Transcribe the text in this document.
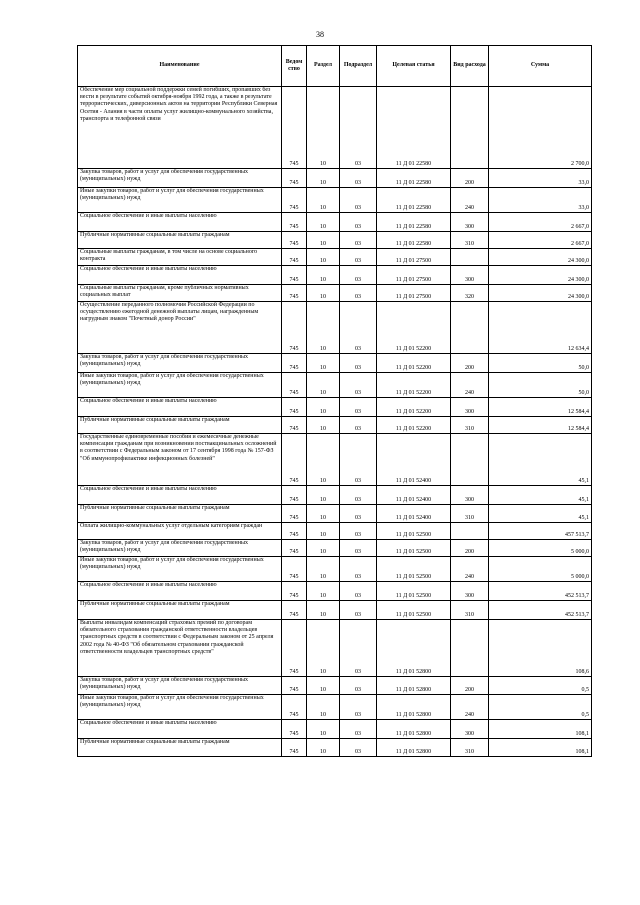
38
Наименование	Ведом ство	Раздел	Подраздел	Целевая статья	Вид расхода	Сумма
Обеспечение мер социальной поддержки семей погибших, пропавших без вести в результате событий октября-ноября 1992 года, а также в результате террористических, диверсионных актов на территории Республики Северная Осетия - Алания в части оплаты услуг жилищно-коммунального хозяйства, транспорта и телефонной связи	745	10	03	11 Д 01 22580		2 700,0
Закупка товаров, работ и услуг для обеспечения государственных (муниципальных) нужд	745	10	03	11 Д 01 22580	200	33,0
Иные закупки товаров, работ и услуг для обеспечения государственных (муниципальных) нужд	745	10	03	11 Д 01 22580	240	33,0
Социальное обеспечение и иные выплаты населению	745	10	03	11 Д 01 22580	300	2 667,0
Публичные нормативные социальные выплаты гражданам	745	10	03	11 Д 01 22580	310	2 667,0
Социальные выплаты гражданам, в том числе на основе социального контракта	745	10	03	11 Д 01 27500		24 300,0
Социальное обеспечение и иные выплаты населению	745	10	03	11 Д 01 27500	300	24 300,0
Социальные выплаты гражданам, кроме публичных нормативных социальных выплат	745	10	03	11 Д 01 27500	320	24 300,0
Осуществление переданного полномочия Российской Федерации по осуществлению ежегодной денежной выплаты лицам, награжденным нагрудным знаком "Почетный донор России"	745	10	03	11 Д 01 52200		12 634,4
Закупка товаров, работ и услуг для обеспечения государственных (муниципальных) нужд	745	10	03	11 Д 01 52200	200	50,0
Иные закупки товаров, работ и услуг для обеспечения государственных (муниципальных) нужд	745	10	03	11 Д 01 52200	240	50,0
Социальное обеспечение и иные выплаты населению	745	10	03	11 Д 01 52200	300	12 584,4
Публичные нормативные социальные выплаты гражданам	745	10	03	11 Д 01 52200	310	12 584,4
Государственные единовременные пособия и ежемесячные денежные компенсации гражданам при возникновении поствакцинальных осложнений в соответствии с Федеральным законом от 17 сентября 1998 года № 157-ФЗ "Об иммунопрофилактике инфекционных болезней"	745	10	03	11 Д 01 52400		45,1
Социальное обеспечение и иные выплаты населению	745	10	03	11 Д 01 52400	300	45,1
Публичные нормативные социальные выплаты гражданам	745	10	03	11 Д 01 52400	310	45,1
Оплата жилищно-коммунальных услуг отдельным категориям граждан	745	10	03	11 Д 01 52500		457 513,7
Закупка товаров, работ и услуг для обеспечения государственных (муниципальных) нужд	745	10	03	11 Д 01 52500	200	5 000,0
Иные закупки товаров, работ и услуг для обеспечения государственных (муниципальных) нужд	745	10	03	11 Д 01 52500	240	5 000,0
Социальное обеспечение и иные выплаты населению	745	10	03	11 Д 01 52500	300	452 513,7
Публичные нормативные социальные выплаты гражданам	745	10	03	11 Д 01 52500	310	452 513,7
Выплаты инвалидам компенсаций страховых премий по договорам обязательного страхования гражданской ответственности владельцев транспортных средств в соответствии с Федеральным законом от 25 апреля 2002 года № 40-ФЗ "Об обязательном страховании гражданской ответственности владельцев транспортных средств"	745	10	03	11 Д 01 52800		108,6
Закупка товаров, работ и услуг для обеспечения государственных (муниципальных) нужд	745	10	03	11 Д 01 52800	200	0,5
Иные закупки товаров, работ и услуг для обеспечения государственных (муниципальных) нужд	745	10	03	11 Д 01 52800	240	0,5
Социальное обеспечение и иные выплаты населению	745	10	03	11 Д 01 52800	300	108,1
Публичные нормативные социальные выплаты гражданам	745	10	03	11 Д 01 52800	310	108,1
